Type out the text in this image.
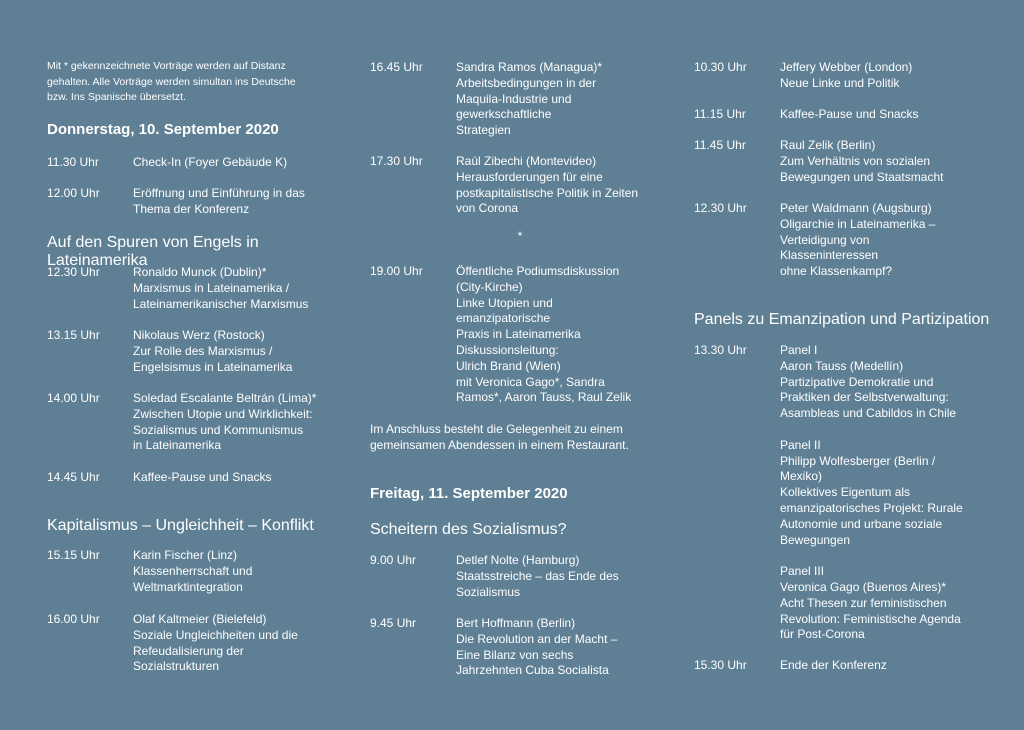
Mit * gekennzeichnete Vorträge werden auf Distanz
gehalten. Alle Vorträge werden simultan ins Deutsche
bzw. Ins Spanische übersetzt.
Donnerstag, 10. September 2020
11.30 Uhr	Check-In (Foyer Gebäude K)
12.00 Uhr	Eröffnung und Einführung in das
Thema der Konferenz
Auf den Spuren von Engels in Lateinamerika
12.30 Uhr	Ronaldo Munck (Dublin)*
Marxismus in Lateinamerika /
Lateinamerikanischer Marxismus
13.15 Uhr	Nikolaus Werz (Rostock)
Zur Rolle des Marxismus /
Engelsismus in Lateinamerika
14.00 Uhr	Soledad Escalante Beltrán (Lima)*
Zwischen Utopie und Wirklichkeit:
Sozialismus und Kommunismus
in Lateinamerika
14.45 Uhr	Kaffee-Pause und Snacks
Kapitalismus – Ungleichheit – Konflikt
15.15 Uhr	Karin Fischer (Linz)
Klassenherrschaft und
Weltmarktintegration
16.00 Uhr	Olaf Kaltmeier (Bielefeld)
Soziale Ungleichheiten und die
Refeudalisierung der
Sozialstrukturen
16.45 Uhr	Sandra Ramos (Managua)*
Arbeitsbedingungen in der
Maquila-Industrie und
gewerkschaftliche
Strategien
17.30 Uhr	Raúl Zibechi (Montevideo)
Herausforderungen für eine
postkapitalistische Politik in Zeiten
von Corona
*
19.00 Uhr	Öffentliche Podiumsdiskussion
(City-Kirche)
Linke Utopien und
emanzipatorische
Praxis in Lateinamerika
Diskussionsleitung:
Ulrich Brand (Wien)
mit Veronica Gago*, Sandra
Ramos*, Aaron Tauss, Raul Zelik
Im Anschluss besteht die Gelegenheit zu einem
gemeinsamen Abendessen in einem Restaurant.
Freitag, 11. September 2020
Scheitern des Sozialismus?
9.00 Uhr	Detlef Nolte (Hamburg)
Staatsstreiche – das Ende des
Sozialismus
9.45 Uhr	Bert Hoffmann (Berlin)
Die Revolution an der Macht –
Eine Bilanz von sechs
Jahrzehnten Cuba Socialista
10.30 Uhr	Jeffery Webber (London)
Neue Linke und Politik
11.15 Uhr	Kaffee-Pause und Snacks
11.45 Uhr	Raul Zelik (Berlin)
Zum Verhältnis von sozialen
Bewegungen und Staatsmacht
12.30 Uhr	Peter Waldmann (Augsburg)
Oligarchie in Lateinamerika –
Verteidigung von
Klasseninteressen
ohne Klassenkampf?
Panels zu Emanzipation und Partizipation
13.30 Uhr	Panel I
Aaron Tauss (Medellín)
Partizipative Demokratie und
Praktiken der Selbstverwaltung:
Asambleas und Cabildos in Chile

Panel II
Philipp Wolfesberger (Berlin /
Mexiko)
Kollektives Eigentum als
emanzipatorisches Projekt: Rurale
Autonomie und urbane soziale
Bewegungen

Panel III
Veronica Gago (Buenos Aires)*
Acht Thesen zur feministischen
Revolution: Feministische Agenda
für Post-Corona
15.30 Uhr	Ende der Konferenz
